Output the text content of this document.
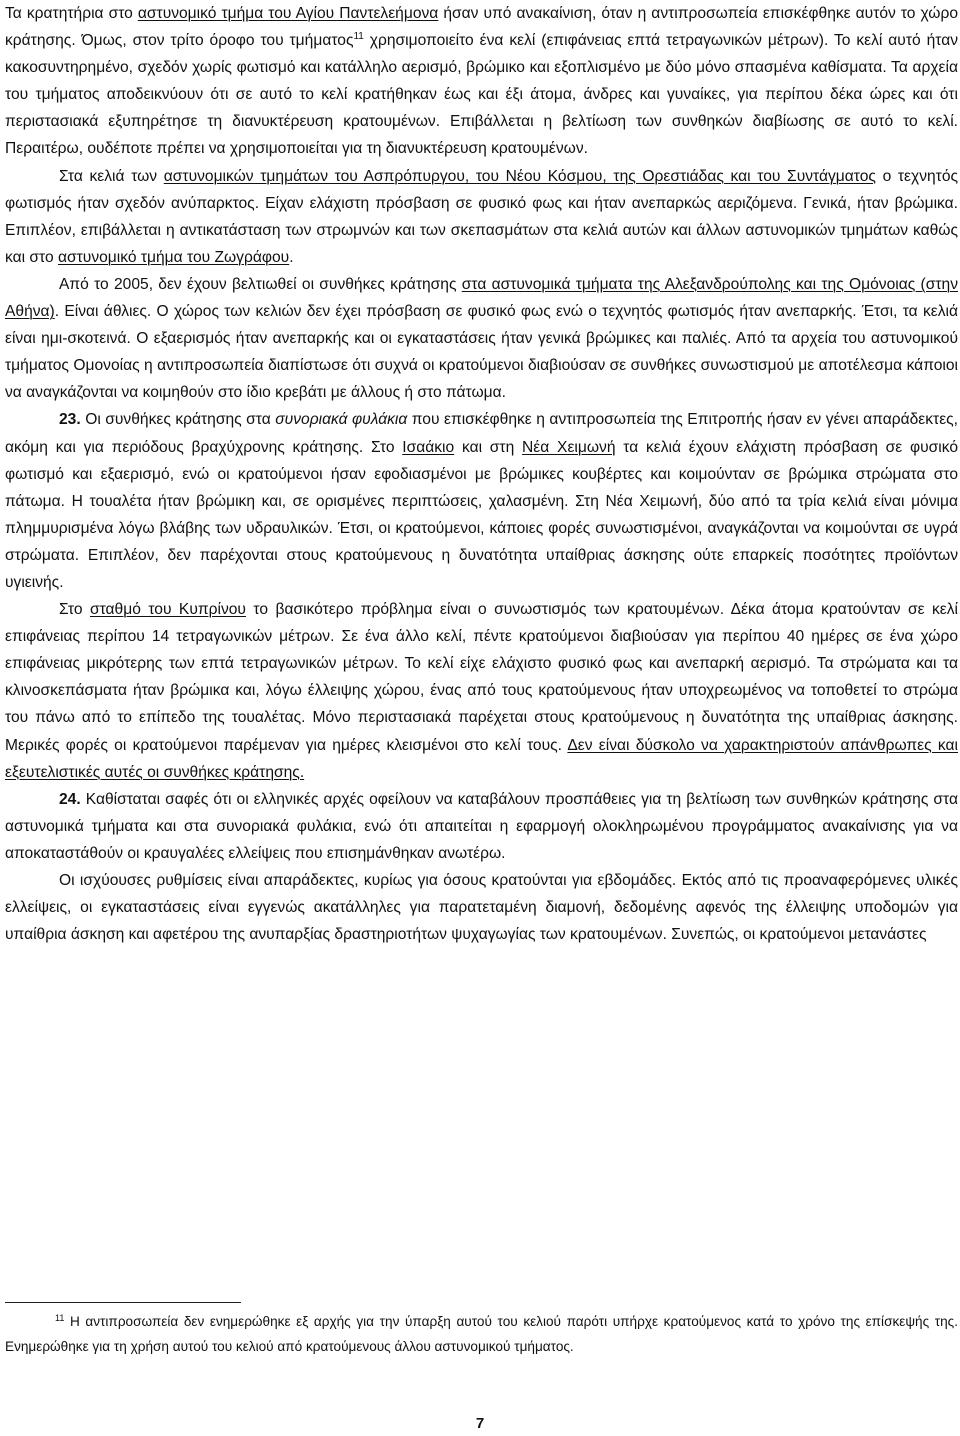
Τα κρατητήρια στο αστυνομικό τμήμα του Αγίου Παντελεήμονα ήσαν υπό ανακαίνιση, όταν η αντιπροσωπεία επισκέφθηκε αυτόν το χώρο κράτησης. Όμως, στον τρίτο όροφο του τμήματος$^{11}$ χρησιμοποιείτο ένα κελί (επιφάνειας επτά τετραγωνικών μέτρων). Το κελί αυτό ήταν κακοσυντηρημένο, σχεδόν χωρίς φωτισμό και κατάλληλο αερισμό, βρώμικο και εξοπλισμένο με δύο μόνο σπασμένα καθίσματα. Τα αρχεία του τμήματος αποδεικνύουν ότι σε αυτό το κελί κρατήθηκαν έως και έξι άτομα, άνδρες και γυναίκες, για περίπου δέκα ώρες και ότι περιστασιακά εξυπηρέτησε τη διανυκτέρευση κρατουμένων. Επιβάλλεται η βελτίωση των συνθηκών διαβίωσης σε αυτό το κελί. Περαιτέρω, ουδέποτε πρέπει να χρησιμοποιείται για τη διανυκτέρευση κρατουμένων.

Στα κελιά των αστυνομικών τμημάτων του Ασπρόπυργου, του Νέου Κόσμου, της Ορεστιάδας και του Συντάγματος ο τεχνητός φωτισμός ήταν σχεδόν ανύπαρκτος. Είχαν ελάχιστη πρόσβαση σε φυσικό φως και ήταν ανεπαρκώς αεριζόμενα. Γενικά, ήταν βρώμικα. Επιπλέον, επιβάλλεται η αντικατάσταση των στρωμνών και των σκεπασμάτων στα κελιά αυτών και άλλων αστυνομικών τμημάτων καθώς και στο αστυνομικό τμήμα του Ζωγράφου.

Από το 2005, δεν έχουν βελτιωθεί οι συνθήκες κράτησης στα αστυνομικά τμήματα της Αλεξανδρούπολης και της Ομόνοιας (στην Αθήνα). Είναι άθλιες. Ο χώρος των κελιών δεν έχει πρόσβαση σε φυσικό φως ενώ ο τεχνητός φωτισμός ήταν ανεπαρκής. Έτσι, τα κελιά είναι ημι-σκοτεινά. Ο εξαερισμός ήταν ανεπαρκής και οι εγκαταστάσεις ήταν γενικά βρώμικες και παλιές. Από τα αρχεία του αστυνομικού τμήματος Ομονοίας η αντιπροσωπεία διαπίστωσε ότι συχνά οι κρατούμενοι διαβιούσαν σε συνθήκες συνωστισμού με αποτέλεσμα κάποιοι να αναγκάζονται να κοιμηθούν στο ίδιο κρεβάτι με άλλους ή στο πάτωμα.

23. Οι συνθήκες κράτησης στα συνοριακά φυλάκια που επισκέφθηκε η αντιπροσωπεία της Επιτροπής ήσαν εν γένει απαράδεκτες, ακόμη και για περιόδους βραχύχρονης κράτησης. Στο Ισαάκιο και στη Νέα Χειμωνή τα κελιά έχουν ελάχιστη πρόσβαση σε φυσικό φωτισμό και εξαερισμό, ενώ οι κρατούμενοι ήσαν εφοδιασμένοι με βρώμικες κουβέρτες και κοιμούνταν σε βρώμικα στρώματα στο πάτωμα. Η τουαλέτα ήταν βρώμικη και, σε ορισμένες περιπτώσεις, χαλασμένη. Στη Νέα Χειμωνή, δύο από τα τρία κελιά είναι μόνιμα πλημμυρισμένα λόγω βλάβης των υδραυλικών. Έτσι, οι κρατούμενοι, κάποιες φορές συνωστισμένοι, αναγκάζονται να κοιμούνται σε υγρά στρώματα. Επιπλέον, δεν παρέχονται στους κρατούμενους η δυνατότητα υπαίθριας άσκησης ούτε επαρκείς ποσότητες προϊόντων υγιεινής.

Στο σταθμό του Κυπρίνου το βασικότερο πρόβλημα είναι ο συνωστισμός των κρατουμένων. Δέκα άτομα κρατούνταν σε κελί επιφάνειας περίπου 14 τετραγωνικών μέτρων. Σε ένα άλλο κελί, πέντε κρατούμενοι διαβιούσαν για περίπου 40 ημέρες σε ένα χώρο επιφάνειας μικρότερης των επτά τετραγωνικών μέτρων. Το κελί είχε ελάχιστο φυσικό φως και ανεπαρκή αερισμό. Τα στρώματα και τα κλινοσκεπάσματα ήταν βρώμικα και, λόγω έλλειψης χώρου, ένας από τους κρατούμενους ήταν υποχρεωμένος να τοποθετεί το στρώμα του πάνω από το επίπεδο της τουαλέτας. Μόνο περιστασιακά παρέχεται στους κρατούμενους η δυνατότητα της υπαίθριας άσκησης. Μερικές φορές οι κρατούμενοι παρέμεναν για ημέρες κλεισμένοι στο κελί τους. Δεν είναι δύσκολο να χαρακτηριστούν απάνθρωπες και εξευτελιστικές αυτές οι συνθήκες κράτησης.

24. Καθίσταται σαφές ότι οι ελληνικές αρχές οφείλουν να καταβάλουν προσπάθειες για τη βελτίωση των συνθηκών κράτησης στα αστυνομικά τμήματα και στα συνοριακά φυλάκια, ενώ ότι απαιτείται η εφαρμογή ολοκληρωμένου προγράμματος ανακαίνισης για να αποκαταστάθούν οι κραυγαλέες ελλείψεις που επισημάνθηκαν ανωτέρω.

Οι ισχύουσες ρυθμίσεις είναι απαράδεκτες, κυρίως για όσους κρατούνται για εβδομάδες. Εκτός από τις προαναφερόμενες υλικές ελλείψεις, οι εγκαταστάσεις είναι εγγενώς ακατάλληλες για παρατεταμένη διαμονή, δεδομένης αφενός της έλλειψης υποδομών για υπαίθρια άσκηση και αφετέρου της ανυπαρξίας δραστηριοτήτων ψυχαγωγίας των κρατουμένων. Συνεπώς, οι κρατούμενοι μετανάστες

$^{11}$ Η αντιπροσωπεία δεν ενημερώθηκε εξ αρχής για την ύπαρξη αυτού του κελιού παρότι υπήρχε κρατούμενος κατά το χρόνο της επίσκεψής της. Ενημερώθηκε για τη χρήση αυτού του κελιού από κρατούμενους άλλου αστυνομικού τμήματος.

7
